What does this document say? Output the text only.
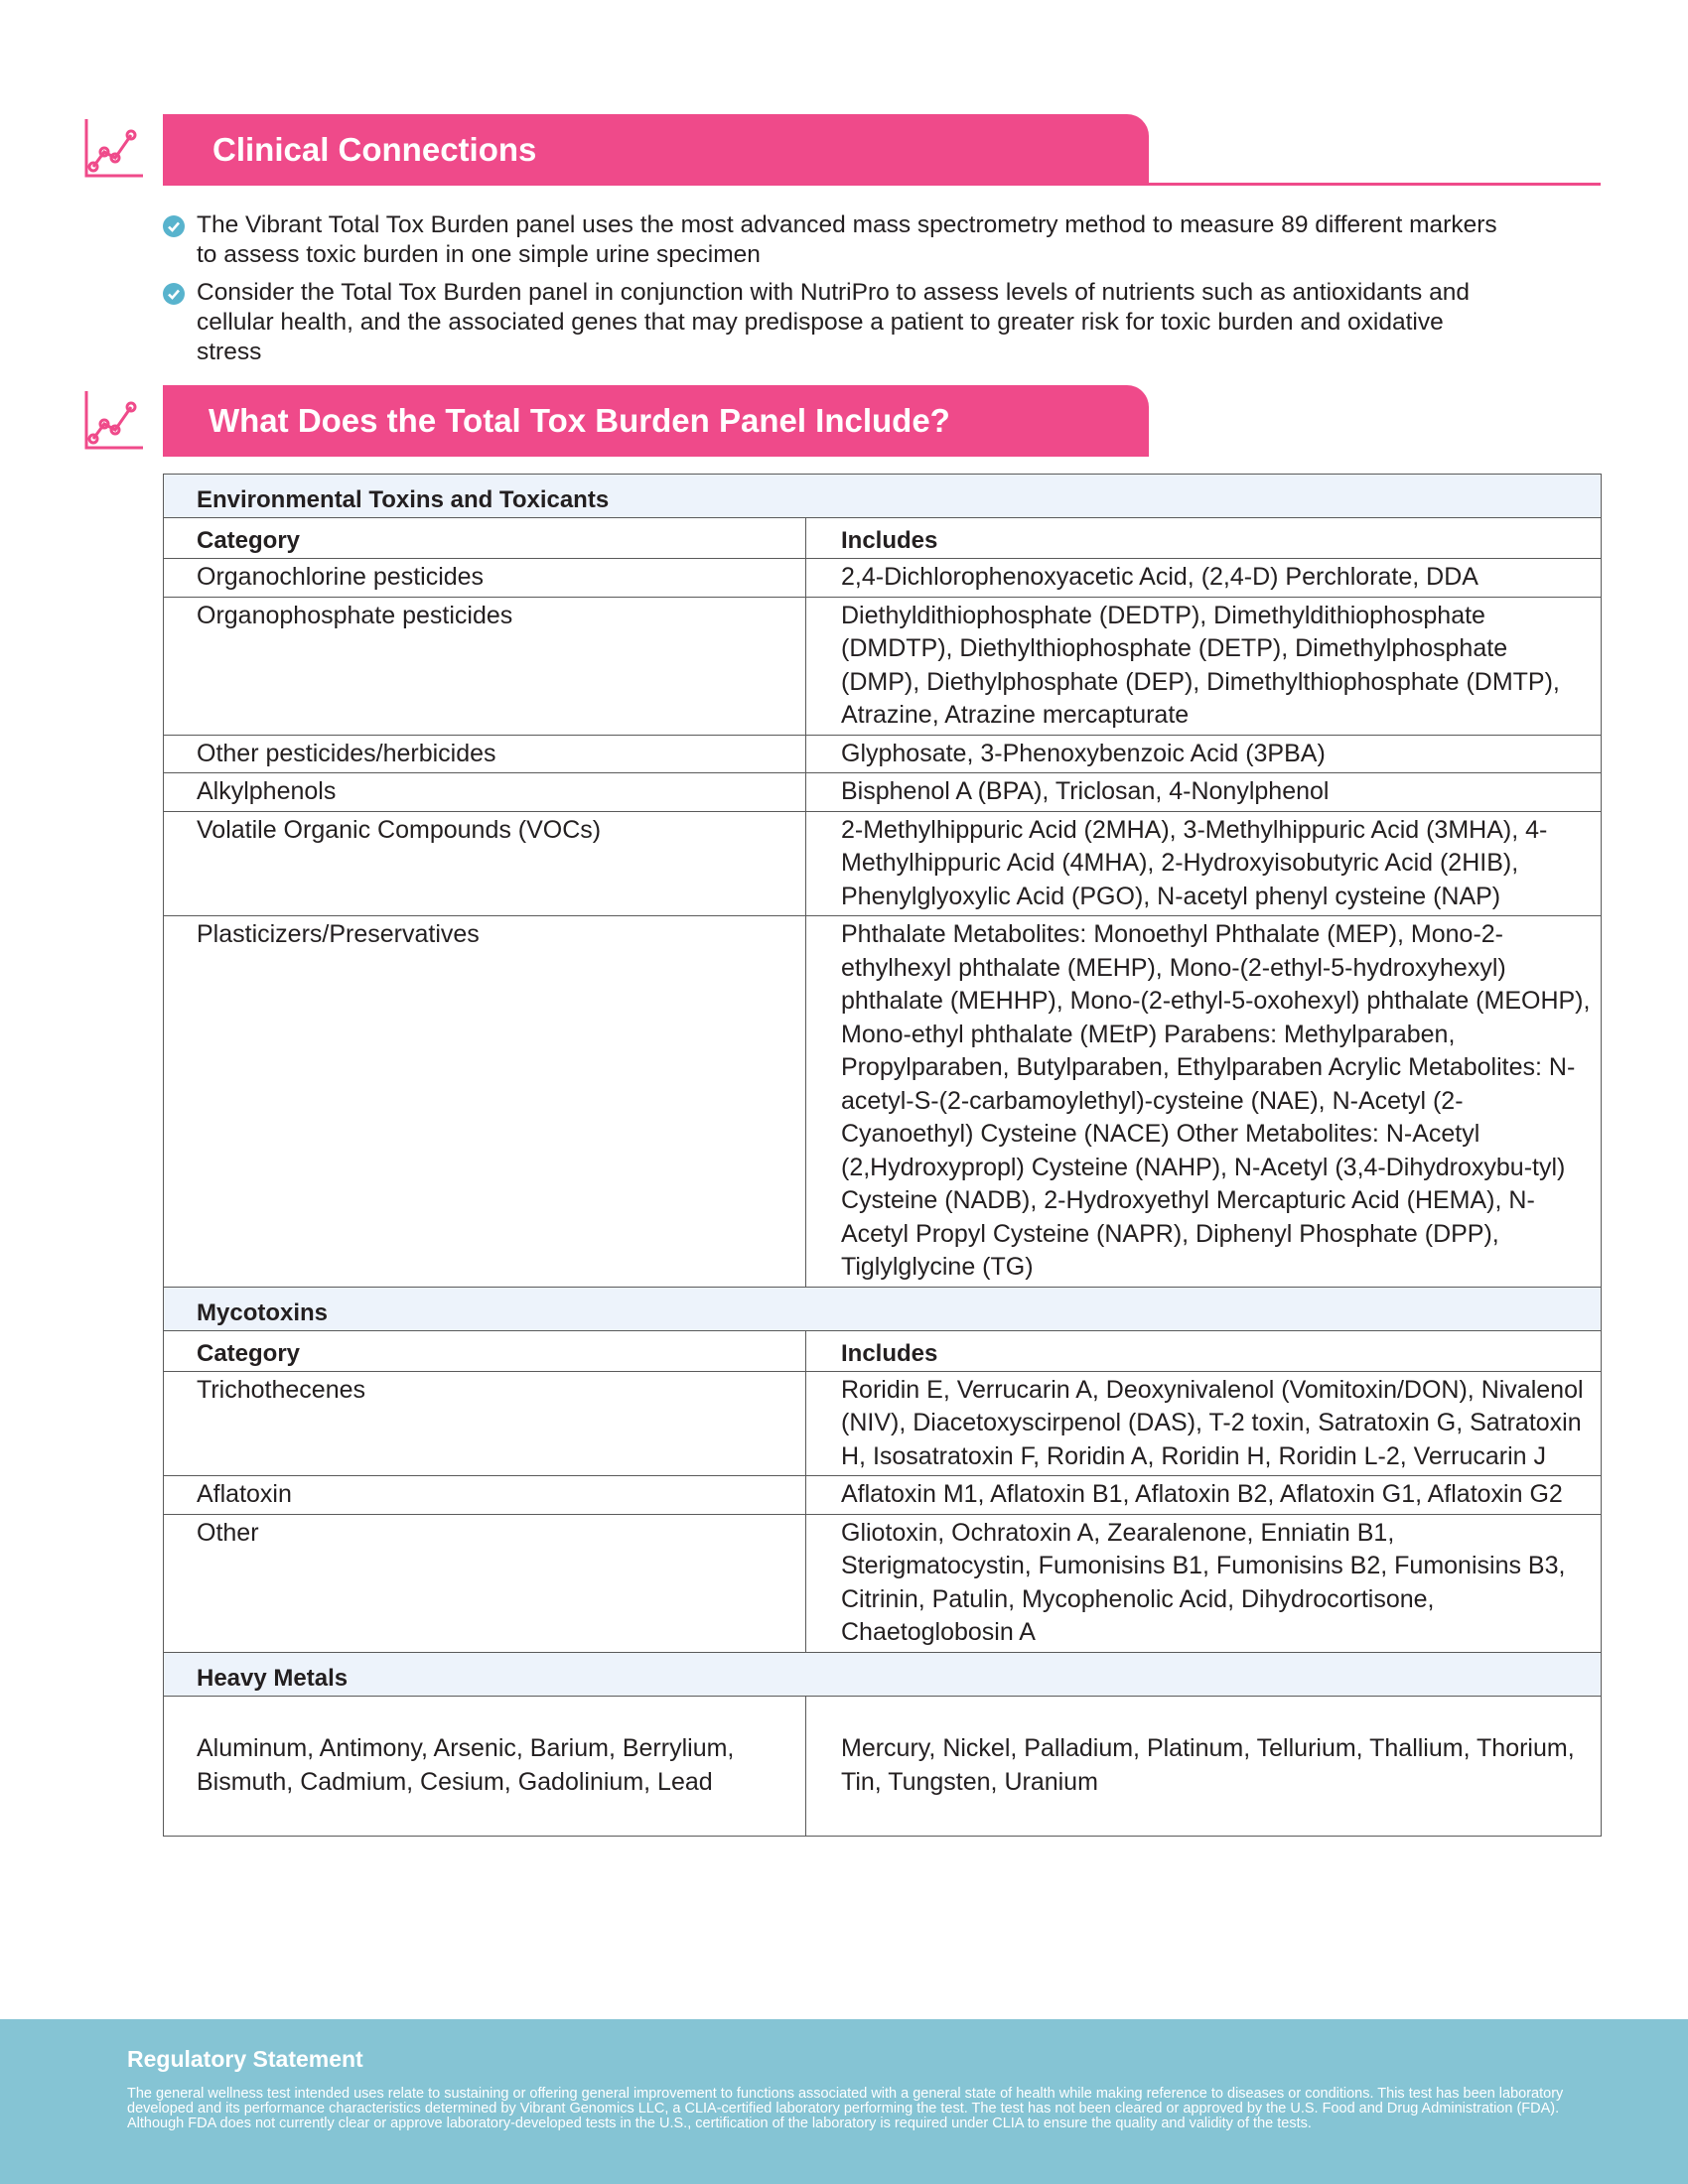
Clinical Connections
The Vibrant Total Tox Burden panel uses the most advanced mass spectrometry method to measure 89 different markers to assess toxic burden in one simple urine specimen
Consider the Total Tox Burden panel in conjunction with NutriPro to assess levels of nutrients such as antioxidants and cellular health, and the associated genes that may predispose a patient to greater risk for toxic burden and oxidative stress
What Does the Total Tox Burden Panel Include?
Environmental Toxins and Toxicants	
Category	Includes
Organochlorine pesticides	2,4-Dichlorophenoxyacetic Acid, (2,4-D) Perchlorate, DDA
Organophosphate pesticides	Diethyldithiophosphate (DEDTP), Dimethyldithiophosphate (DMDTP), Diethylthiophosphate (DETP), Dimethylphosphate (DMP), Diethylphosphate (DEP), Dimethylthiophosphate (DMTP), Atrazine, Atrazine mercapturate
Other pesticides/herbicides	Glyphosate, 3-Phenoxybenzoic Acid (3PBA)
Alkylphenols	Bisphenol A (BPA), Triclosan, 4-Nonylphenol
Volatile Organic Compounds (VOCs)	2-Methylhippuric Acid (2MHA), 3-Methylhippuric Acid (3MHA), 4-Methylhippuric Acid (4MHA), 2-Hydroxyisobutyric Acid (2HIB), Phenylglyoxylic Acid (PGO), N-acetyl phenyl cysteine (NAP)
Plasticizers/Preservatives	Phthalate Metabolites: Monoethyl Phthalate (MEP), Mono-2-ethylhexyl phthalate (MEHP), Mono-(2-ethyl-5-hydroxyhexyl) phthalate (MEHHP), Mono-(2-ethyl-5-oxohexyl) phthalate (MEOHP), Mono-ethyl phthalate (MEtP) Parabens: Methylparaben, Propylparaben, Butylparaben, Ethylparaben Acrylic Metabolites: N-acetyl-S-(2-carbamoylethyl)-cysteine (NAE), N-Acetyl (2-Cyanoethyl) Cysteine (NACE) Other Metabolites: N-Acetyl (2,Hydroxypropl) Cysteine (NAHP), N-Acetyl (3,4-Dihydroxybu-tyl) Cysteine (NADB), 2-Hydroxyethyl Mercapturic Acid (HEMA), N-Acetyl Propyl Cysteine (NAPR), Diphenyl Phosphate (DPP), Tiglylglycine (TG)
Mycotoxins	
Category	Includes
Trichothecenes	Roridin E, Verrucarin A, Deoxynivalenol (Vomitoxin/DON), Nivalenol (NIV), Diacetoxyscirpenol (DAS), T-2 toxin, Satratoxin G, Satratoxin H, Isosatratoxin F, Roridin A, Roridin H, Roridin L-2, Verrucarin J
Aflatoxin	Aflatoxin M1, Aflatoxin B1, Aflatoxin B2, Aflatoxin G1, Aflatoxin G2
Other	Gliotoxin, Ochratoxin A, Zearalenone, Enniatin B1, Sterigmatocystin, Fumonisins B1, Fumonisins B2, Fumonisins B3, Citrinin, Patulin, Mycophenolic Acid, Dihydrocortisone, Chaetoglobosin A
Heavy Metals	
Aluminum, Antimony, Arsenic, Barium, Berrylium, Bismuth, Cadmium, Cesium, Gadolinium, Lead	Mercury, Nickel, Palladium, Platinum, Tellurium, Thallium, Thorium, Tin, Tungsten, Uranium
Regulatory Statement
The general wellness test intended uses relate to sustaining or offering general improvement to functions associated with a general state of health while making reference to diseases or conditions. This test has been laboratory developed and its performance characteristics determined by Vibrant Genomics LLC, a CLIA-certified laboratory performing the test. The test has not been cleared or approved by the U.S. Food and Drug Administration (FDA). Although FDA does not currently clear or approve laboratory-developed tests in the U.S., certification of the laboratory is required under CLIA to ensure the quality and validity of the tests.
